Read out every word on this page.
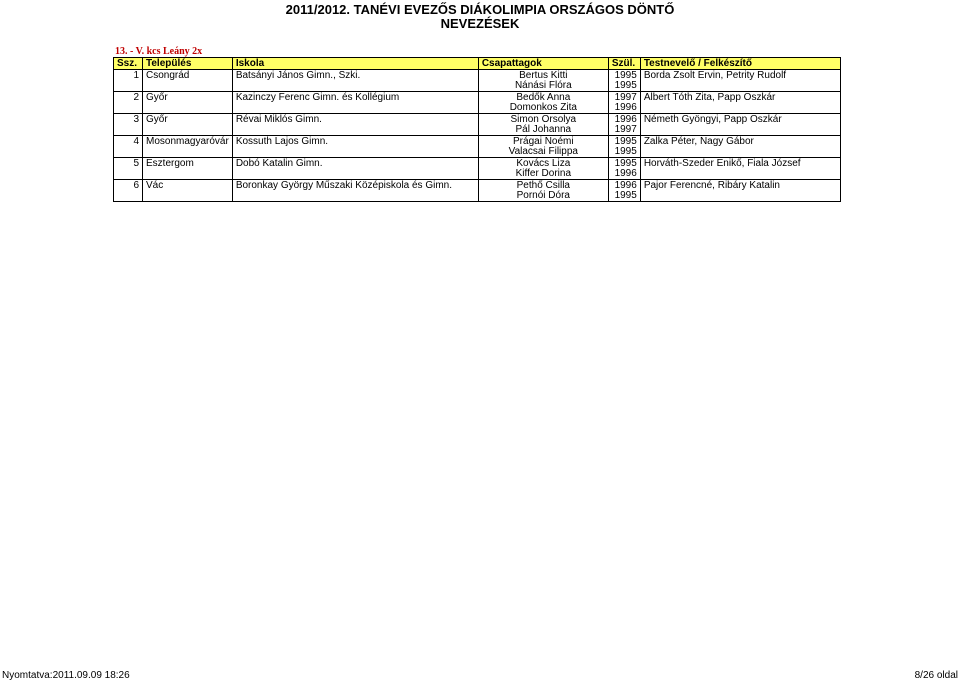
2011/2012. TANÉVI EVEZŐS DIÁKOLIMPIA ORSZÁGOS DÖNTŐ
NEVEZÉSEK
13. - V. kcs Leány 2x
Ssz.	Település	Iskola	Csapattagok	Szül.	Testnevelő / Felkészítő
1	Csongrád	Batsányi János Gimn., Szki.	Bertus Kitti	1995	Borda Zsolt Ervin, Petrity Rudolf
			Nánási Flóra	1995	
2	Győr	Kazinczy Ferenc Gimn. és Kollégium	Bedők Anna	1997	Albert Tóth Zita, Papp Oszkár
			Domonkos Zita	1996	
3	Győr	Révai Miklós Gimn.	Simon Orsolya	1996	Németh Gyöngyi, Papp Oszkár
			Pál Johanna	1997	
4	Mosonmagyaróvár	Kossuth Lajos Gimn.	Prágai Noémi	1995	Zalka Péter, Nagy Gábor
			Valacsai Filippa	1995	
5	Esztergom	Dobó Katalin Gimn.	Kovács Liza	1995	Horváth-Szeder Enikő, Fiala József
			Kiffer Dorina	1996	
6	Vác	Boronkay György Műszaki Középiskola és Gimn.	Pethő Csilla	1996	Pajor Ferencné, Ribáry Katalin
			Pornói Dóra	1995	
Nyomtatva:2011.09.09 18:26	8/26 oldal
